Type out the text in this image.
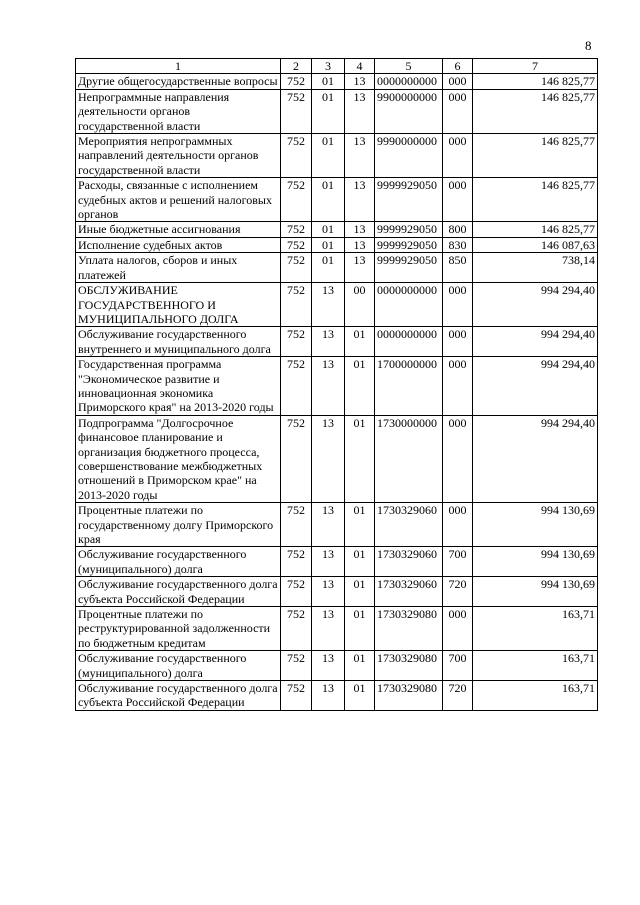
8
1	2	3	4	5	6	7
Другие общегосударственные вопросы	752	01	13	0000000000	000	146 825,77
Непрограммные направления деятельности органов государственной власти	752	01	13	9900000000	000	146 825,77
Мероприятия непрограммных направлений деятельности органов государственной власти	752	01	13	9990000000	000	146 825,77
Расходы, связанные с исполнением судебных актов и решений налоговых органов	752	01	13	9999929050	000	146 825,77
Иные бюджетные ассигнования	752	01	13	9999929050	800	146 825,77
Исполнение судебных актов	752	01	13	9999929050	830	146 087,63
Уплата налогов, сборов и иных платежей	752	01	13	9999929050	850	738,14
ОБСЛУЖИВАНИЕ ГОСУДАРСТВЕННОГО И МУНИЦИПАЛЬНОГО ДОЛГА	752	13	00	0000000000	000	994 294,40
Обслуживание государственного внутреннего и муниципального долга	752	13	01	0000000000	000	994 294,40
Государственная программа "Экономическое развитие и инновационная экономика Приморского края" на 2013-2020 годы	752	13	01	1700000000	000	994 294,40
Подпрограмма "Долгосрочное финансовое планирование и организация бюджетного процесса, совершенствование межбюджетных отношений в Приморском крае" на 2013-2020 годы	752	13	01	1730000000	000	994 294,40
Процентные платежи по государственному долгу Приморского края	752	13	01	1730329060	000	994 130,69
Обслуживание государственного (муниципального) долга	752	13	01	1730329060	700	994 130,69
Обслуживание государственного долга субъекта Российской Федерации	752	13	01	1730329060	720	994 130,69
Процентные платежи по реструктурированной задолженности по бюджетным кредитам	752	13	01	1730329080	000	163,71
Обслуживание государственного (муниципального) долга	752	13	01	1730329080	700	163,71
Обслуживание государственного долга субъекта Российской Федерации	752	13	01	1730329080	720	163,71
